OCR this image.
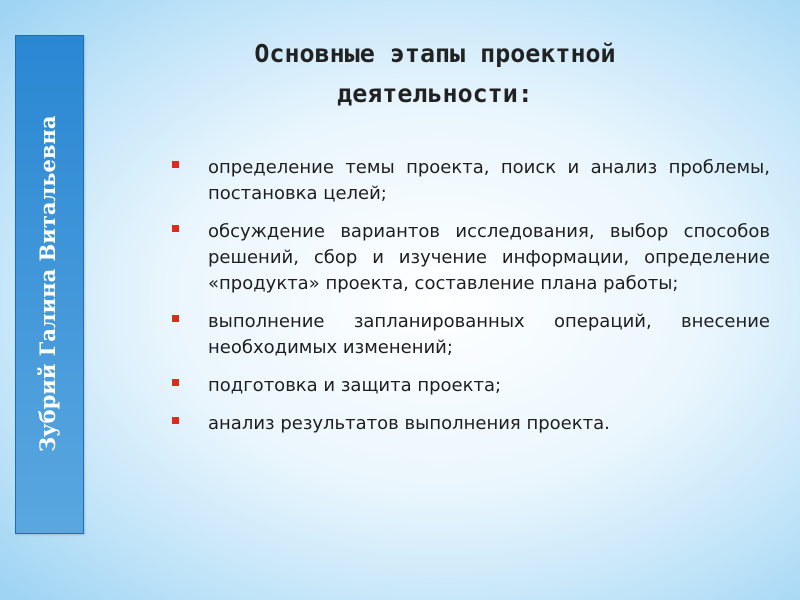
Зубрий Галина Витальевна
Основные этапы проектной деятельности:
определение темы проекта, поиск и анализ проблемы, постановка целей;
обсуждение вариантов исследования, выбор способов решений, сбор и изучение информации, определение «продукта» проекта, составление плана работы;
выполнение запланированных операций, внесение необходимых изменений;
подготовка и защита проекта;
анализ результатов выполнения проекта.
